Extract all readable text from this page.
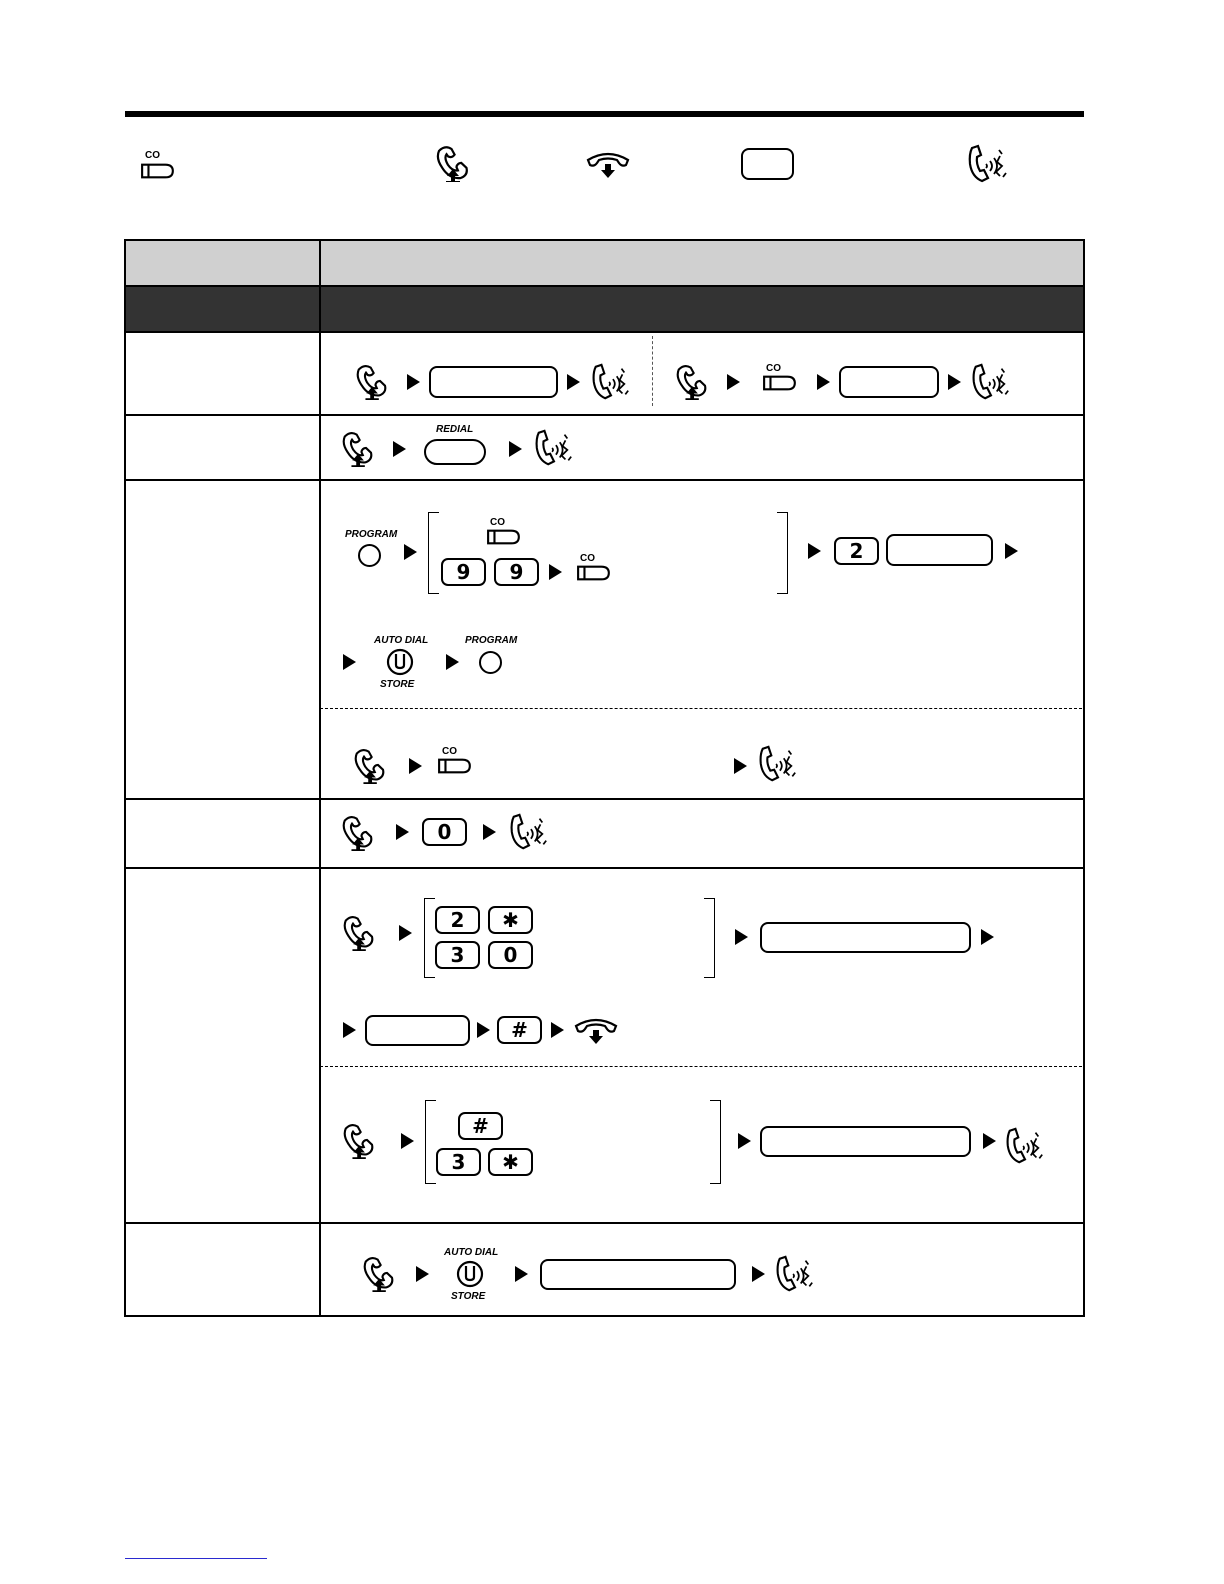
CO

CO
REDIAL
PROGRAM
CO
9	9
CO	2
AUTO DIAL
STORE
PROGRAM
CO
0
2	✱
3	0
#
#
3	✱
AUTO DIAL
STORE
